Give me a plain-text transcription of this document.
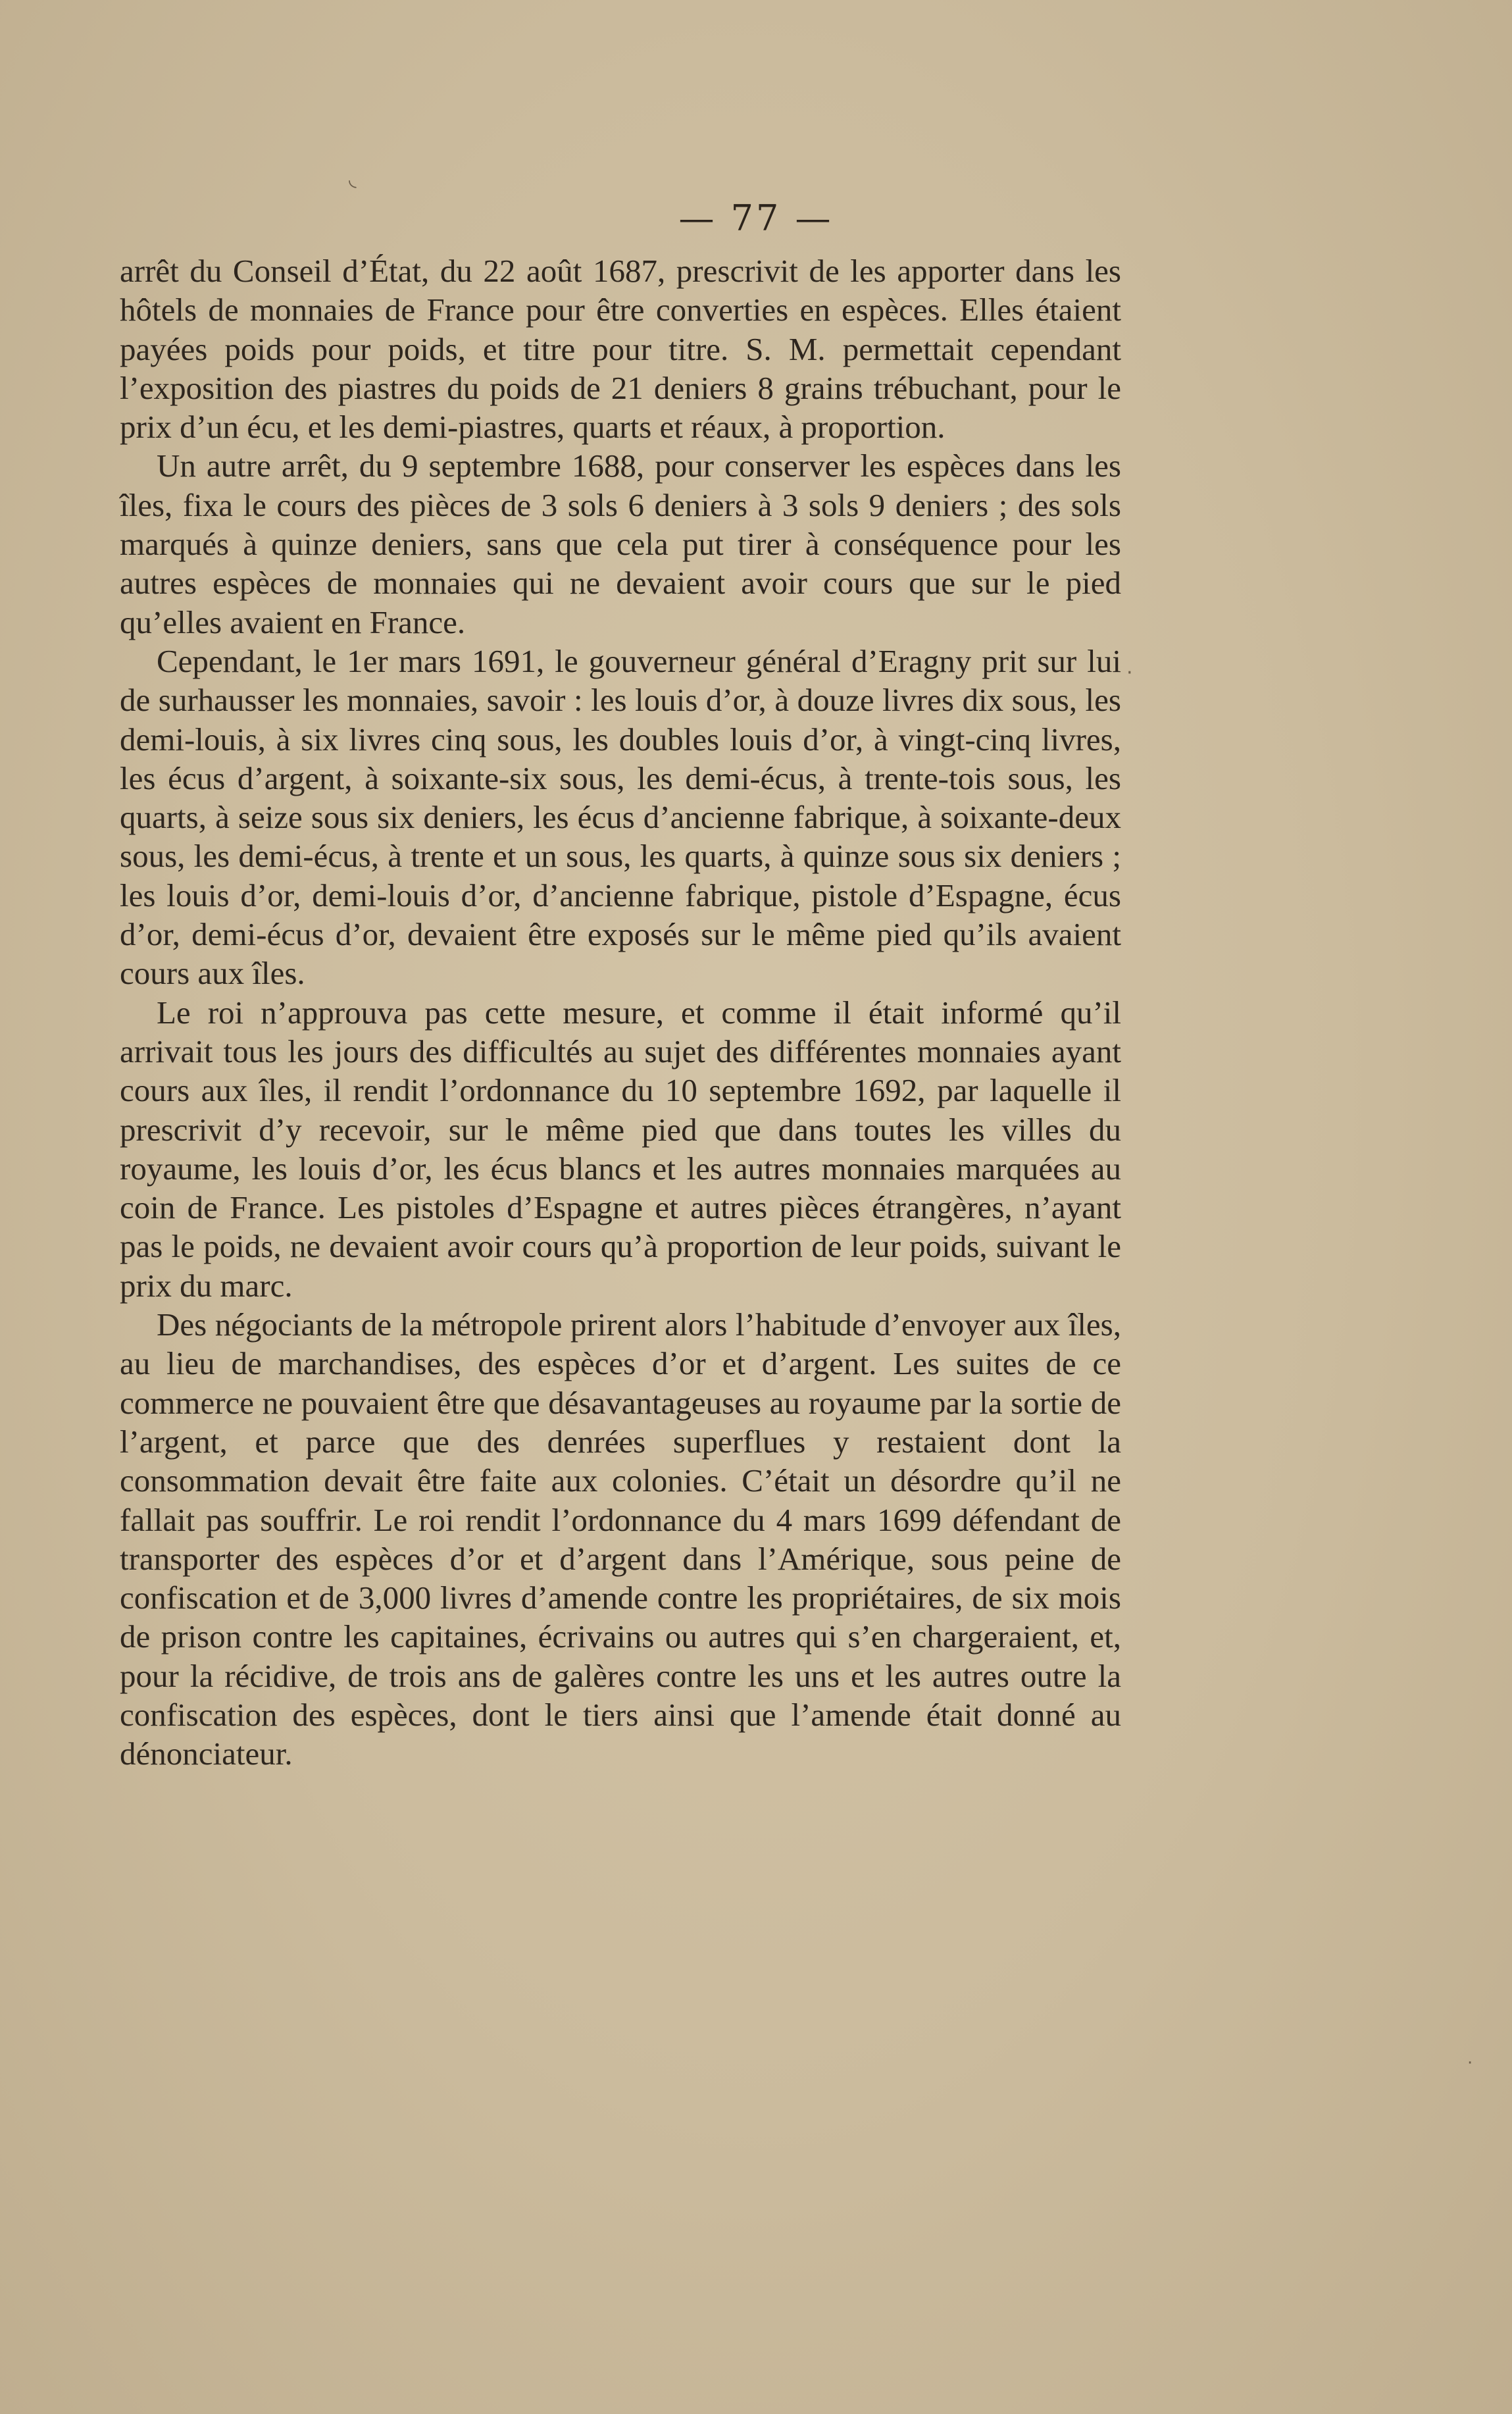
— 77 —

arrêt du Conseil d’État, du 22 août 1687, prescrivit de les apporter dans les hôtels de monnaies de France pour être converties en espèces. Elles étaient payées poids pour poids, et titre pour titre. S. M. permettait cependant l’exposition des piastres du poids de 21 deniers 8 grains trébuchant, pour le prix d’un écu, et les demi-piastres, quarts et réaux, à proportion.

Un autre arrêt, du 9 septembre 1688, pour conserver les espèces dans les îles, fixa le cours des pièces de 3 sols 6 deniers à 3 sols 9 deniers ; des sols marqués à quinze deniers, sans que cela put tirer à conséquence pour les autres espèces de monnaies qui ne devaient avoir cours que sur le pied qu’elles avaient en France.

Cependant, le 1er mars 1691, le gouverneur général d’Eragny prit sur lui de surhausser les monnaies, savoir : les louis d’or, à douze livres dix sous, les demi-louis, à six livres cinq sous, les doubles louis d’or, à vingt-cinq livres, les écus d’argent, à soixante-six sous, les demi-écus, à trente-tois sous, les quarts, à seize sous six deniers, les écus d’ancienne fabrique, à soixante-deux sous, les demi-écus, à trente et un sous, les quarts, à quinze sous six deniers ; les louis d’or, demi-louis d’or, d’ancienne fabrique, pistole d’Espagne, écus d’or, demi-écus d’or, devaient être exposés sur le même pied qu’ils avaient cours aux îles.

Le roi n’approuva pas cette mesure, et comme il était informé qu’il arrivait tous les jours des difficultés au sujet des différentes monnaies ayant cours aux îles, il rendit l’ordonnance du 10 septembre 1692, par laquelle il prescrivit d’y recevoir, sur le même pied que dans toutes les villes du royaume, les louis d’or, les écus blancs et les autres monnaies marquées au coin de France. Les pistoles d’Espagne et autres pièces étrangères, n’ayant pas le poids, ne devaient avoir cours qu’à proportion de leur poids, suivant le prix du marc.

Des négociants de la métropole prirent alors l’habitude d’envoyer aux îles, au lieu de marchandises, des espèces d’or et d’argent. Les suites de ce commerce ne pouvaient être que désavantageuses au royaume par la sortie de l’argent, et parce que des denrées superflues y restaient dont la consommation devait être faite aux colonies. C’était un désordre qu’il ne fallait pas souffrir. Le roi rendit l’ordonnance du 4 mars 1699 défendant de transporter des espèces d’or et d’argent dans l’Amérique, sous peine de confiscation et de 3,000 livres d’amende contre les propriétaires, de six mois de prison contre les capitaines, écrivains ou autres qui s’en chargeraient, et, pour la récidive, de trois ans de galères contre les uns et les autres outre la confiscation des espèces, dont le tiers ainsi que l’amende était donné au dénonciateur.

◟
·
·
